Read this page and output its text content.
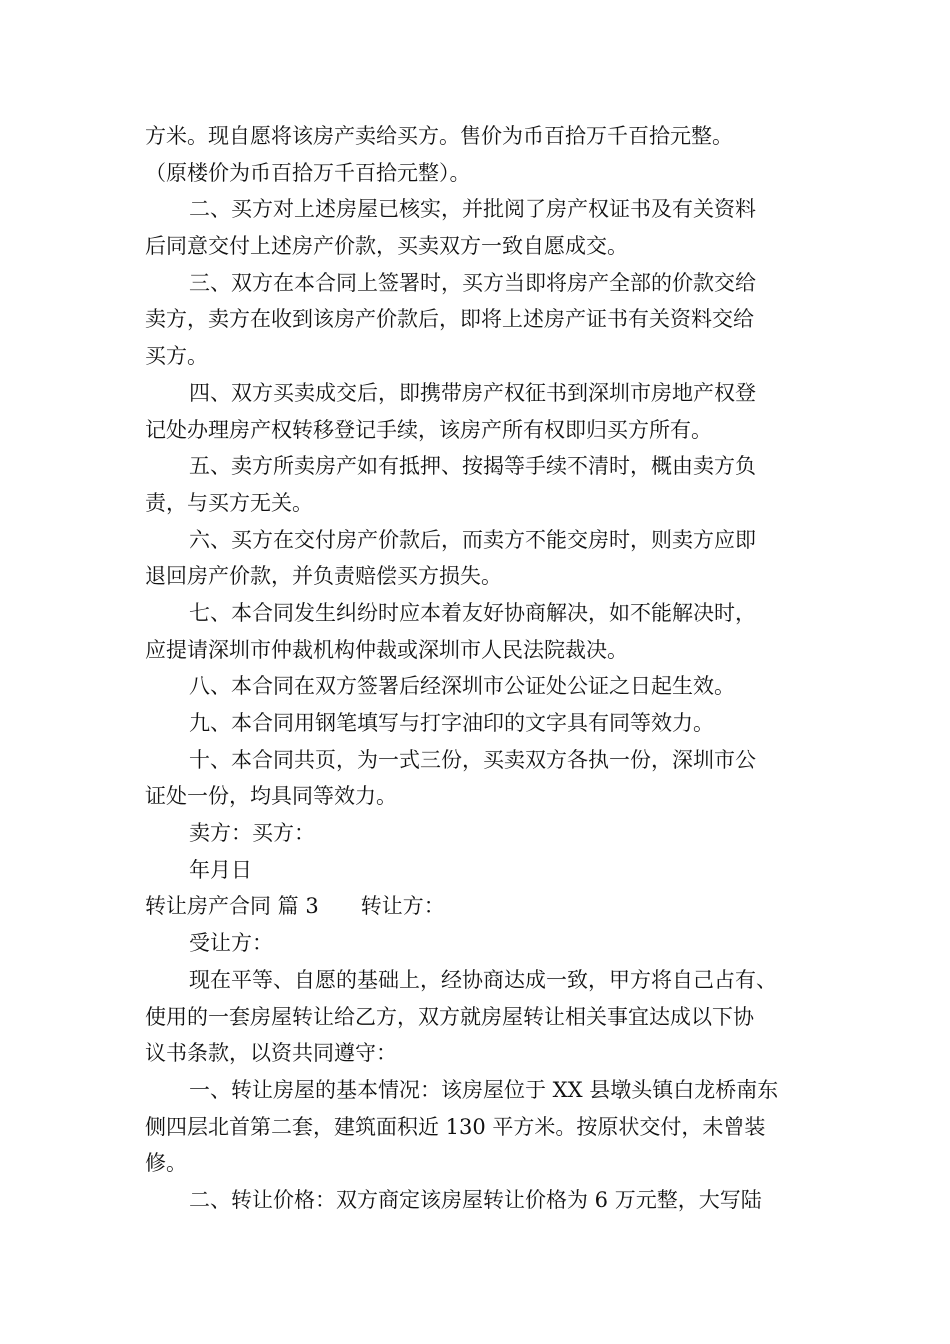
方米。现自愿将该房产卖给买方。售价为币百拾万千百拾元整。
（原楼价为币百拾万千百拾元整）。
二、买方对上述房屋已核实，并批阅了房产权证书及有关资料
后同意交付上述房产价款，买卖双方一致自愿成交。
三、双方在本合同上签署时，买方当即将房产全部的价款交给
卖方，卖方在收到该房产价款后，即将上述房产证书有关资料交给
买方。
四、双方买卖成交后，即携带房产权征书到深圳市房地产权登
记处办理房产权转移登记手续，该房产所有权即归买方所有。
五、卖方所卖房产如有抵押、按揭等手续不清时，概由卖方负
责，与买方无关。
六、买方在交付房产价款后，而卖方不能交房时，则卖方应即
退回房产价款，并负责赔偿买方损失。
七、本合同发生纠纷时应本着友好协商解决，如不能解决时，
应提请深圳市仲裁机构仲裁或深圳市人民法院裁决。
八、本合同在双方签署后经深圳市公证处公证之日起生效。
九、本合同用钢笔填写与打字油印的文字具有同等效力。
十、本合同共页，为一式三份，买卖双方各执一份，深圳市公
证处一份，均具同等效力。
卖方：买方：
年月日
转让房产合同 篇 3 转让方：
受让方：
现在平等、自愿的基础上，经协商达成一致，甲方将自己占有、
使用的一套房屋转让给乙方，双方就房屋转让相关事宜达成以下协
议书条款，以资共同遵守：
一、转让房屋的基本情况：该房屋位于 XX 县墩头镇白龙桥南东
侧四层北首第二套，建筑面积近 130 平方米。按原状交付，未曾装
修。
二、转让价格：双方商定该房屋转让价格为 6 万元整，大写陆
